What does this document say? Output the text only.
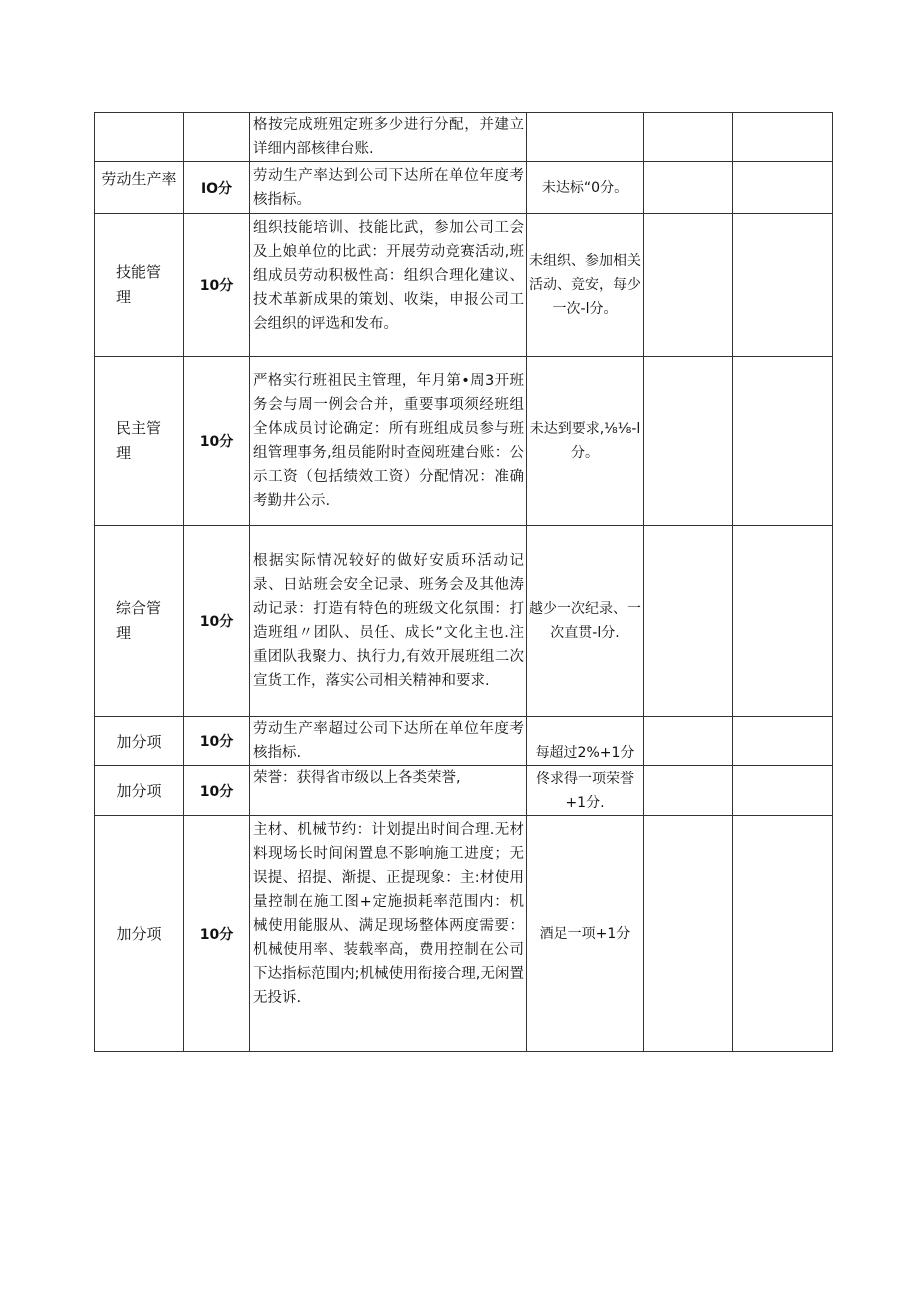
		格按完成班殂定班多少进行分配，并建立详细内部核律台账.			

劳动生产率	IO分	劳动生产率达到公司下达所在单位年度考核指标。	未达标“0分。		

技能管理	10分	组织技能培训、技能比武，参加公司工会及上娘单位的比武：开展劳动竞赛活动,班组成员劳动积极性高：组织合理化建议、技术革新成果的策划、收柒，申报公司工会组织的评选和发布。	未组织、参加相关活动、竞安，每少一次-l分。		

民主管理	10分	严格实行班祖民主管理，年月第•周3开班务会与周一例会合并，重要事项须经班组全体成员讨论确定：所有班组成员参与班组管理事务,组员能附时查阅班建台账：公示工资（包括绩效工资）分配情况：准确考勤井公示.	未达到要求,⅛⅛-l分。		

综合管理	10分	根据实际情况较好的做好安质环活动记录、日站班会安全记录、班务会及其他涛动记录：打造有特色的班级文化氛围：打造班组〃团队、员任、成长”文化主也.注重团队我聚力、执行力,有效开展班组二次宣货工作，落实公司相关精神和要求.	越少一次纪录、一次直贯-l分.		

加分项	10分	劳动生产率超过公司下达所在单位年度考核指标.	每超过2%+1分		

加分项	10分	荣誉：获得省市级以上各类荣誉,	佟求得一项荣誉+1分.		

加分项	10分	主材、机械节约：计划提出时间合理.无材料现场长时间闲置息不影响施工进度；无误提、招提、渐提、正提现象：主:材使用量控制在施工图+定施损耗率范围内：机械使用能服从、满足现场整体两度需要：机械使用率、装载率高，费用控制在公司下达指标范围内;机械使用衔接合理,无闲置无投诉.	酒足一项+1分		
